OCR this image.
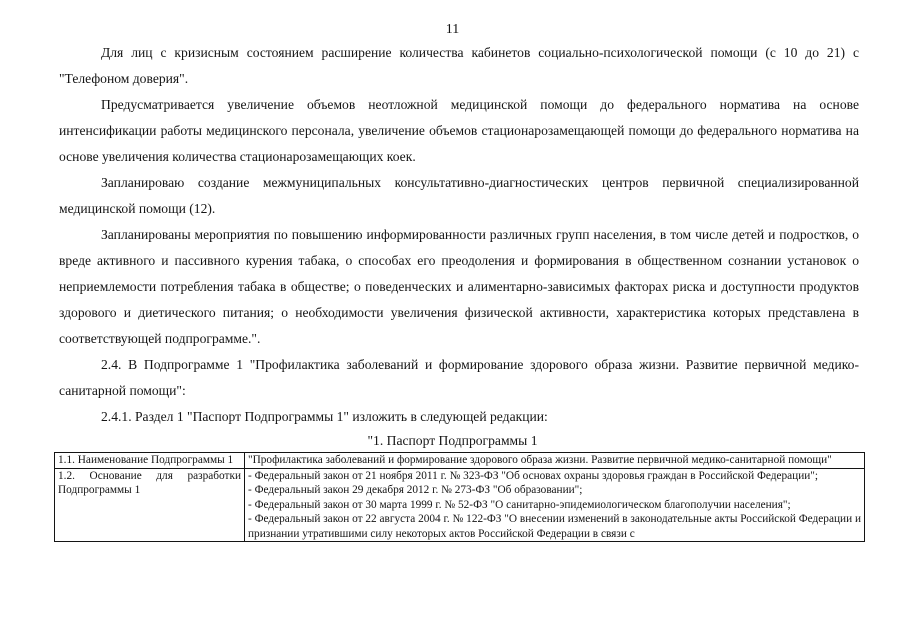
11

Для лиц с кризисным состоянием расширение количества кабинетов социально-психологической помощи (с 10 до 21) с "Телефоном доверия".

Предусматривается увеличение объемов неотложной медицинской помощи до федерального норматива на основе интенсификации работы медицинского персонала, увеличение объемов стационарозамещающей помощи до федерального норматива на основе увеличения количества стационарозамещающих коек.

Запланироваю создание межмуниципальных консультативно-диагностических центров первичной специализированной медицинской помощи (12).

Запланированы мероприятия по повышению информированности различных групп населения, в том числе детей и подростков, о вреде активного и пассивного курения табака, о способах его преодоления и формирования в общественном сознании установок о неприемлемости потребления табака в обществе; о поведенческих и алиментарно-зависимых факторах риска и доступности продуктов здорового и диетического питания; о необходимости увеличения физической активности, характеристика которых представлена в соответствующей подпрограмме.".

2.4. В Подпрограмме 1 "Профилактика заболеваний и формирование здорового образа жизни. Развитие первичной медико-санитарной помощи":

2.4.1. Раздел 1 "Паспорт Подпрограммы 1" изложить в следующей редакции:

"1. Паспорт Подпрограммы 1
1.1. Наименование Подпрограммы 1	"Профилактика заболеваний и формирование здорового образа жизни. Развитие первичной медико-санитарной помощи"

1.2. Основание для разработки Подпрограммы 1	- Федеральный закон от 21 ноября 2011 г. № 323-ФЗ "Об основах охраны здоровья граждан в Российской Федерации";

- Федеральный закон 29 декабря 2012 г. № 273-ФЗ "Об образовании";

- Федеральный закон от 30 марта 1999 г. № 52-ФЗ "О санитарно-эпидемиологическом благополучии населения";

- Федеральный закон от 22 августа 2004 г. № 122-ФЗ "О внесении изменений в законодательные акты Российской Федерации и признании утратившими силу некоторых актов Российской Федерации в связи с
